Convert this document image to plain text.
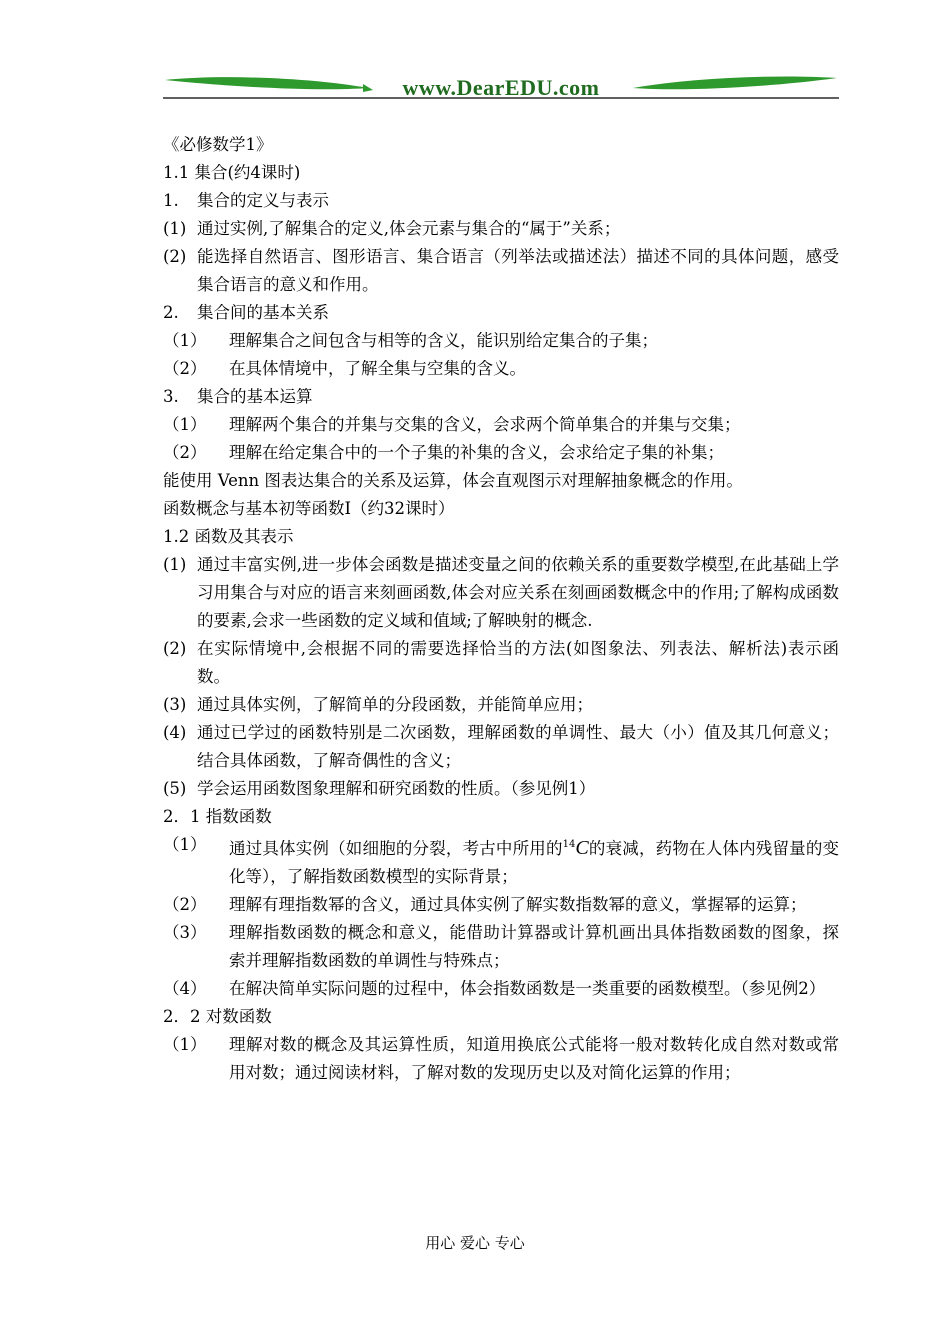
www.DearEDU.com
《必修数学1》
1.1 集合(约4课时)
1. 集合的定义与表示
(1) 通过实例,了解集合的定义,体会元素与集合的“属于”关系；
(2) 能选择自然语言、图形语言、集合语言（列举法或描述法）描述不同的具体问题，感受集合语言的意义和作用。
2. 集合间的基本关系
（1） 理解集合之间包含与相等的含义，能识别给定集合的子集；
（2） 在具体情境中，了解全集与空集的含义。
3. 集合的基本运算
（1） 理解两个集合的并集与交集的含义，会求两个简单集合的并集与交集；
（2） 理解在给定集合中的一个子集的补集的含义，会求给定子集的补集；
能使用 Venn 图表达集合的关系及运算，体会直观图示对理解抽象概念的作用。
函数概念与基本初等函数Ⅰ（约32课时）
1.2 函数及其表示
(1) 通过丰富实例,进一步体会函数是描述变量之间的依赖关系的重要数学模型,在此基础上学习用集合与对应的语言来刻画函数,体会对应关系在刻画函数概念中的作用;了解构成函数的要素,会求一些函数的定义域和值域;了解映射的概念.
(2) 在实际情境中,会根据不同的需要选择恰当的方法(如图象法、列表法、解析法)表示函数。
(3) 通过具体实例，了解简单的分段函数，并能简单应用；
(4) 通过已学过的函数特别是二次函数，理解函数的单调性、最大（小）值及其几何意义；结合具体函数，了解奇偶性的含义；
(5) 学会运用函数图象理解和研究函数的性质。（参见例1）
2．1 指数函数
（1） 通过具体实例（如细胞的分裂，考古中所用的$^{14}$C的衰减，药物在人体内残留量的变化等），了解指数函数模型的实际背景；
（2） 理解有理指数幂的含义，通过具体实例了解实数指数幂的意义，掌握幂的运算；
（3） 理解指数函数的概念和意义，能借助计算器或计算机画出具体指数函数的图象，探索并理解指数函数的单调性与特殊点；
（4） 在解决简单实际问题的过程中，体会指数函数是一类重要的函数模型。（参见例2）
2．2 对数函数
（1） 理解对数的概念及其运算性质，知道用换底公式能将一般对数转化成自然对数或常用对数；通过阅读材料，了解对数的发现历史以及对简化运算的作用；
用心 爱心 专心
